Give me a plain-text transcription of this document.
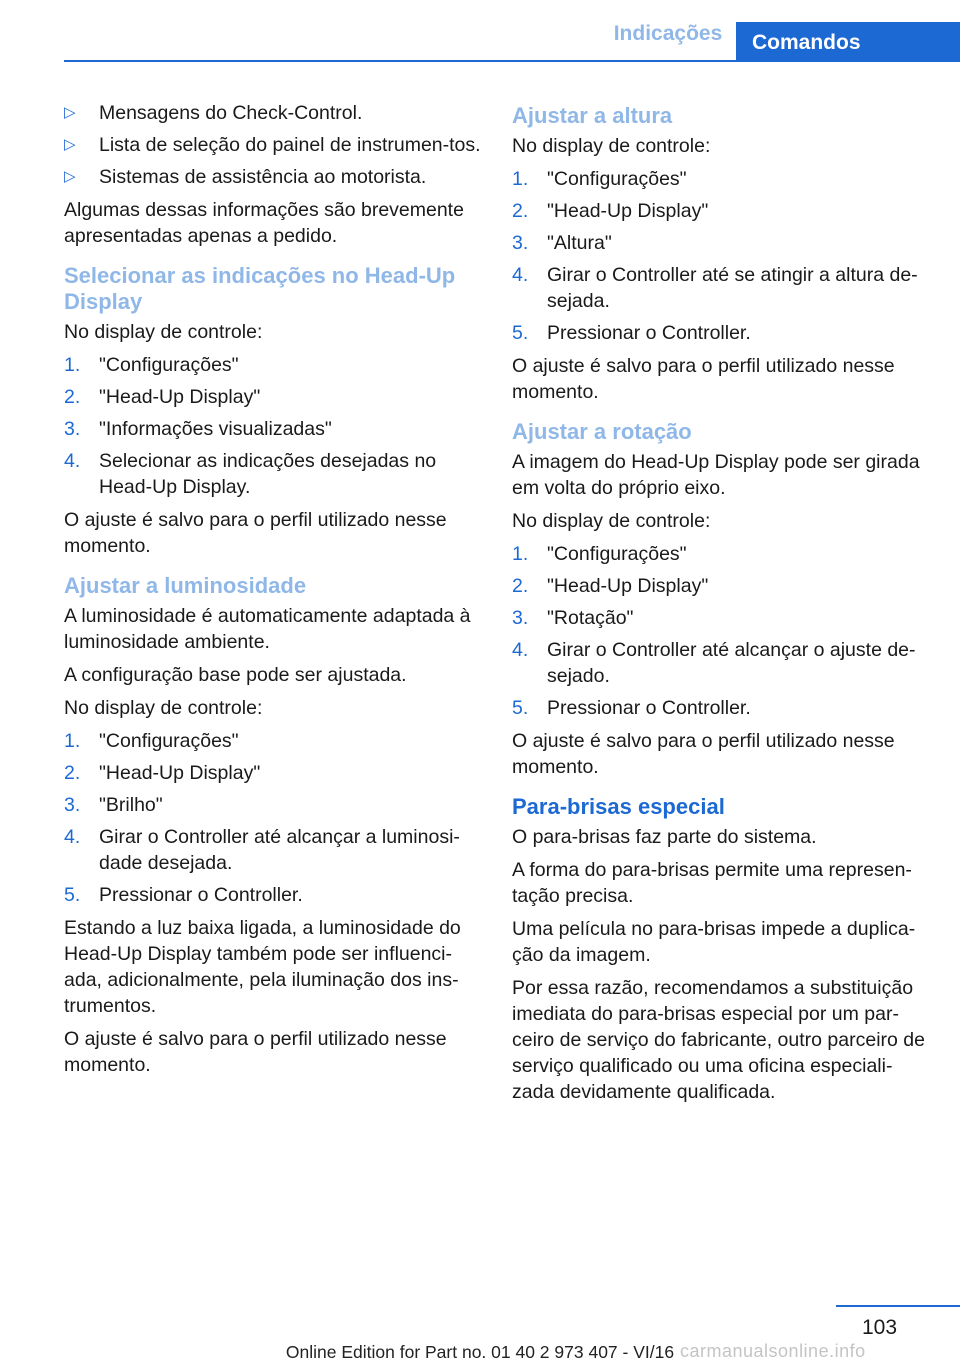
Indicações	Comandos
▷ Mensagens do Check-Control.
▷ Lista de seleção do painel de instrumen‐tos.
▷ Sistemas de assistência ao motorista.

Algumas dessas informações são brevemente apresentadas apenas a pedido.

Selecionar as indicações no Head-Up Display

No display de controle:

1. "Configurações"
2. "Head-Up Display"
3. "Informações visualizadas"
4. Selecionar as indicações desejadas no Head-Up Display.

O ajuste é salvo para o perfil utilizado nesse momento.

Ajustar a luminosidade

A luminosidade é automaticamente adaptada à luminosidade ambiente.

A configuração base pode ser ajustada.

No display de controle:

1. "Configurações"
2. "Head-Up Display"
3. "Brilho"
4. Girar o Controller até alcançar a luminosi‐dade desejada.
5. Pressionar o Controller.

Estando a luz baixa ligada, a luminosidade do Head-Up Display também pode ser influenci‐ada, adicionalmente, pela iluminação dos ins‐trumentos.

O ajuste é salvo para o perfil utilizado nesse momento.

Ajustar a altura

No display de controle:

1. "Configurações"
2. "Head-Up Display"
3. "Altura"
4. Girar o Controller até se atingir a altura de‐sejada.
5. Pressionar o Controller.

O ajuste é salvo para o perfil utilizado nesse momento.

Ajustar a rotação

A imagem do Head-Up Display pode ser girada em volta do próprio eixo.

No display de controle:

1. "Configurações"
2. "Head-Up Display"
3. "Rotação"
4. Girar o Controller até alcançar o ajuste de‐sejado.
5. Pressionar o Controller.

O ajuste é salvo para o perfil utilizado nesse momento.

Para-brisas especial

O para-brisas faz parte do sistema.

A forma do para-brisas permite uma represen‐tação precisa.

Uma película no para-brisas impede a duplica‐ção da imagem.

Por essa razão, recomendamos a substituição imediata do para-brisas especial por um par‐ceiro de serviço do fabricante, outro parceiro de serviço qualificado ou uma oficina especiali‐zada devidamente qualificada.

103
Online Edition for Part no. 01 40 2 973 407 - VI/16 carmanualsonline.info
